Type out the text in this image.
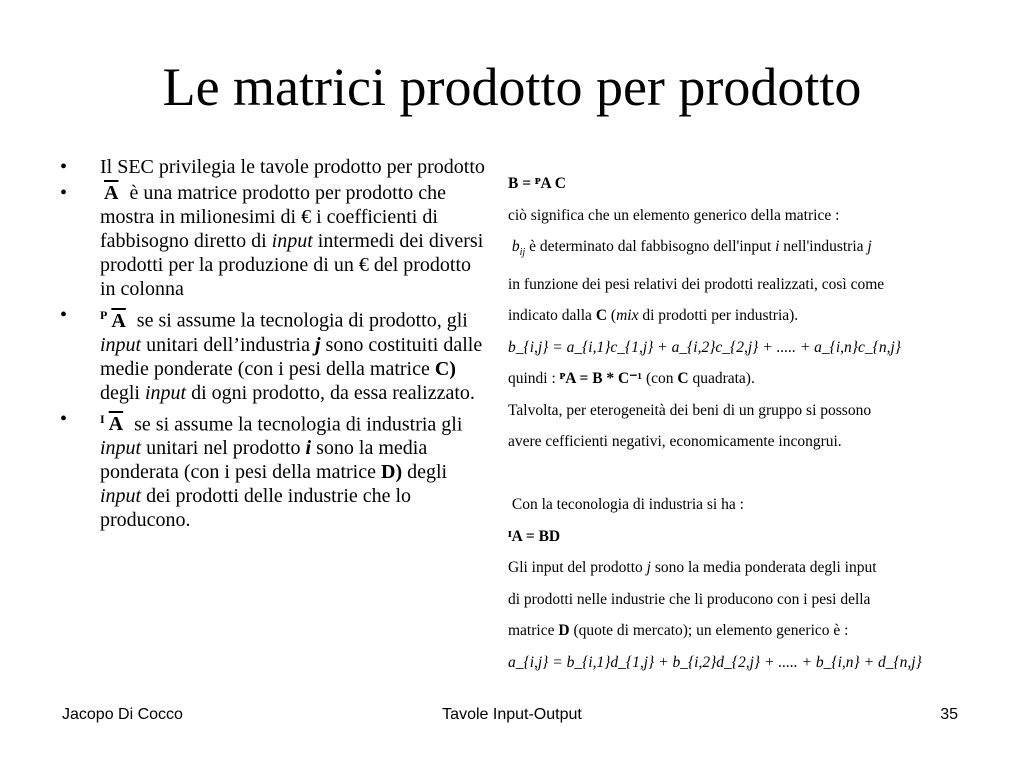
Le matrici prodotto per prodotto

• Il SEC privilegia le tavole prodotto per prodotto

• $\overline{A}$ è una matrice prodotto per prodotto che mostra in milionesimi di € i coefficienti di fabbisogno diretto di input intermedi dei diversi prodotti per la produzione di un € del prodotto in colonna

•	$^P$ $\overline{A}$ se si assume la tecnologia di prodotto, gli input unitari dell’industria j sono costituiti dalle medie ponderate (con i pesi della matrice C) degli input di ogni prodotto, da essa realizzato.

•	$^I$ $\overline{A}$ se si assume la tecnologia di industria gli input unitari nel prodotto i sono la media ponderata (con i pesi della matrice D) degli input dei prodotti delle industrie che lo producono.

B = ᴾA C
ciò significa che un elemento generico della matrice :
$b_{ij}$ è determinato dal fabbisogno dell'input i nell'industria j
in funzione dei pesi relativi dei prodotti realizzati, così come
indicato dalla C (mix di prodotti per industria).
b_{i,j} = a_{i,1}c_{1,j} + a_{i,2}c_{2,j} + ..... + a_{i,n}c_{n,j}
quindi : ᴾA = B * C⁻¹ (con C quadrata).
Talvolta, per eterogeneità dei beni di un gruppo si possono
avere cefficienti negativi, economicamente incongrui.

Con la teconologia di industria si ha :
ᴵA = BD
Gli input del prodotto j sono la media ponderata degli input
di prodotti nelle industrie che li producono con i pesi della
matrice D (quote di mercato); un elemento generico è :
a_{i,j} = b_{i,1}d_{1,j} + b_{i,2}d_{2,j} + ..... + b_{i,n} + d_{n,j}
Jacopo Di Cocco	Tavole Input-Output	35
